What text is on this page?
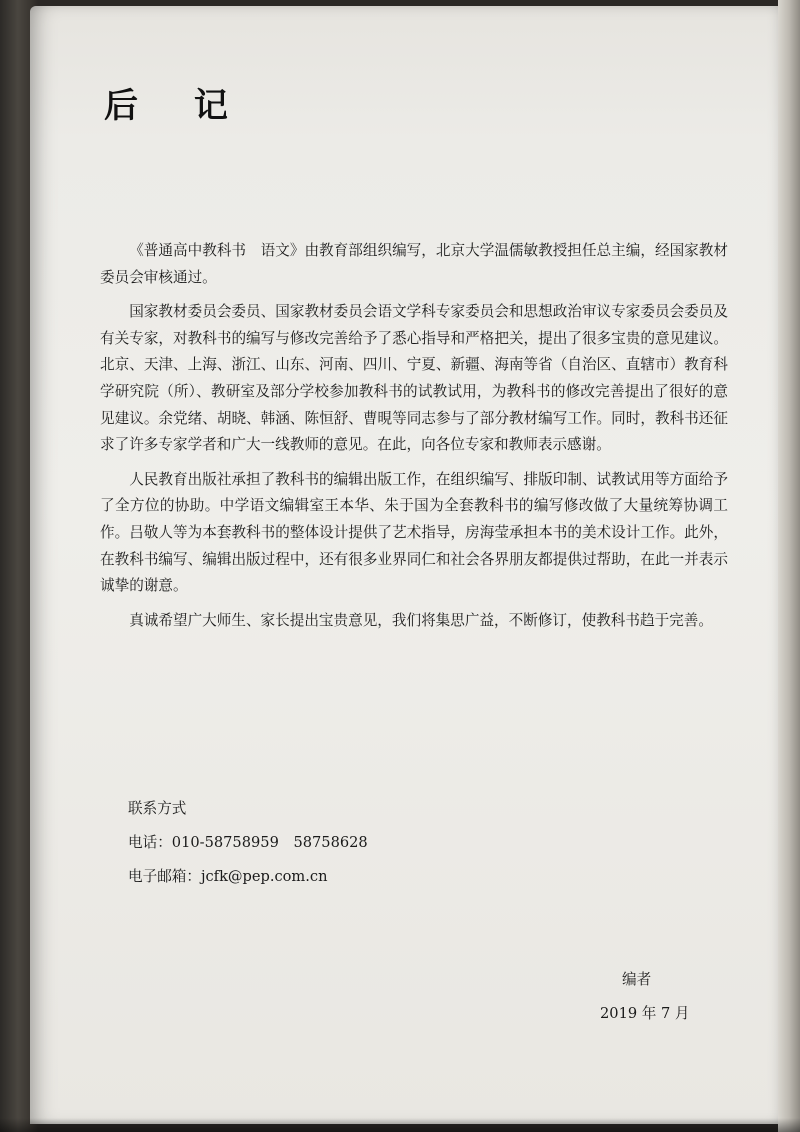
后 记

《普通高中教科书　语文》由教育部组织编写，北京大学温儒敏教授担任总主编，经国家教材委员会审核通过。

国家教材委员会委员、国家教材委员会语文学科专家委员会和思想政治审议专家委员会委员及有关专家，对教科书的编写与修改完善给予了悉心指导和严格把关，提出了很多宝贵的意见建议。北京、天津、上海、浙江、山东、河南、四川、宁夏、新疆、海南等省（自治区、直辖市）教育科学研究院（所）、教研室及部分学校参加教科书的试教试用，为教科书的修改完善提出了很好的意见建议。余党绪、胡晓、韩涵、陈恒舒、曹晛等同志参与了部分教材编写工作。同时，教科书还征求了许多专家学者和广大一线教师的意见。在此，向各位专家和教师表示感谢。

人民教育出版社承担了教科书的编辑出版工作，在组织编写、排版印制、试教试用等方面给予了全方位的协助。中学语文编辑室王本华、朱于国为全套教科书的编写修改做了大量统筹协调工作。吕敬人等为本套教科书的整体设计提供了艺术指导，房海莹承担本书的美术设计工作。此外，在教科书编写、编辑出版过程中，还有很多业界同仁和社会各界朋友都提供过帮助，在此一并表示诚挚的谢意。

真诚希望广大师生、家长提出宝贵意见，我们将集思广益，不断修订，使教科书趋于完善。

联系方式
电话：010-58758959　58758628
电子邮箱：jcfk@pep.com.cn
编者
2019 年 7 月
